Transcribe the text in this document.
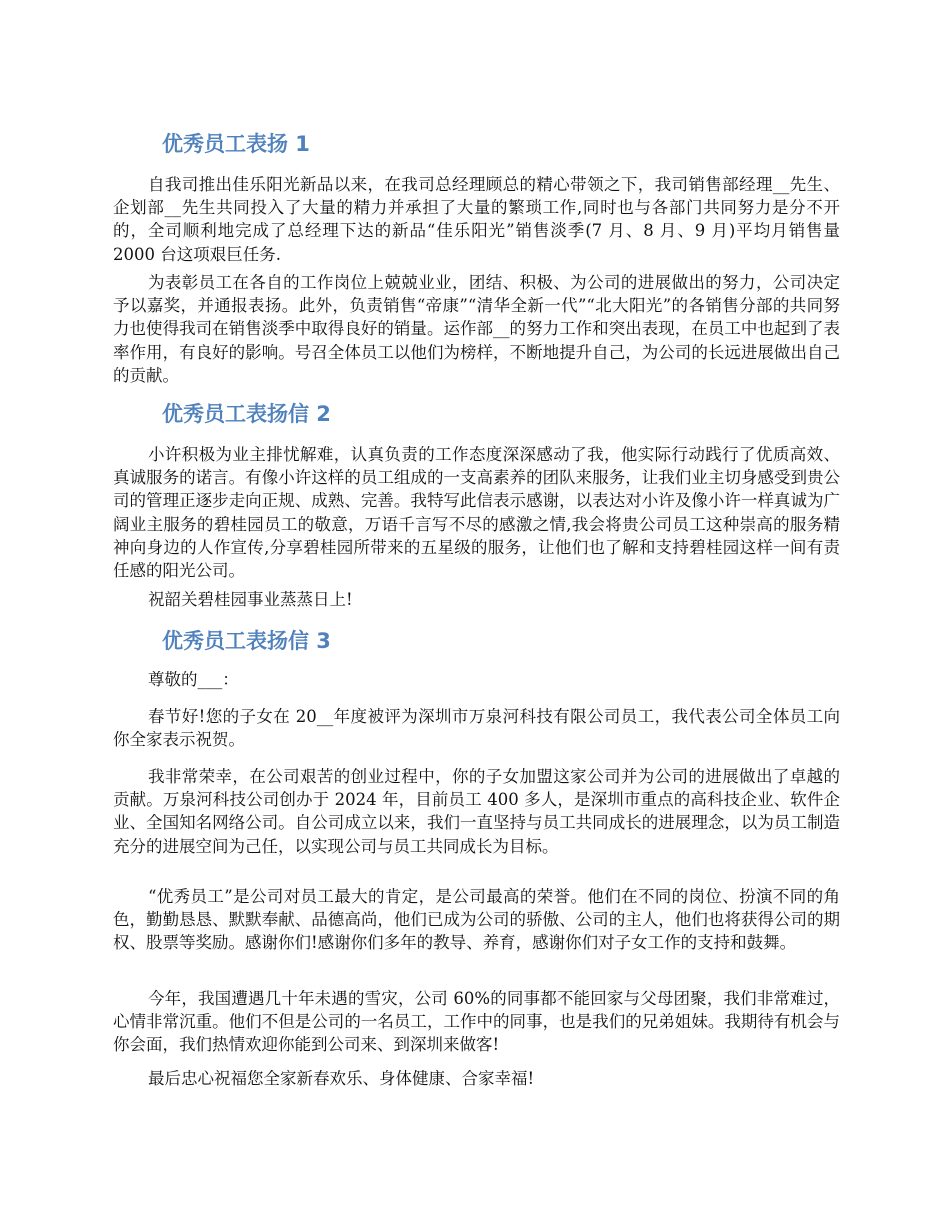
优秀员工表扬 1

自我司推出佳乐阳光新品以来，在我司总经理顾总的精心带领之下，我司销售部经理__先生、企划部__先生共同投入了大量的精力并承担了大量的繁琐工作,同时也与各部门共同努力是分不开的，全司顺利地完成了总经理下达的新品“佳乐阳光”销售淡季(7 月、8 月、9 月)平均月销售量 2000 台这项艰巨任务.

为表彰员工在各自的工作岗位上兢兢业业，团结、积极、为公司的进展做出的努力，公司决定予以嘉奖，并通报表扬。此外，负责销售“帝康”“清华全新一代”“北大阳光”的各销售分部的共同努力也使得我司在销售淡季中取得良好的销量。运作部__的努力工作和突出表现，在员工中也起到了表率作用，有良好的影响。号召全体员工以他们为榜样，不断地提升自己，为公司的长远进展做出自己的贡献。

优秀员工表扬信 2

小许积极为业主排忧解难，认真负责的工作态度深深感动了我，他实际行动践行了优质高效、真诚服务的诺言。有像小许这样的员工组成的一支高素养的团队来服务，让我们业主切身感受到贵公司的管理正逐步走向正规、成熟、完善。我特写此信表示感谢，以表达对小许及像小许一样真诚为广阔业主服务的碧桂园员工的敬意，万语千言写不尽的感激之情,我会将贵公司员工这种崇高的服务精神向身边的人作宣传,分享碧桂园所带来的五星级的服务，让他们也了解和支持碧桂园这样一间有责任感的阳光公司。

祝韶关碧桂园事业蒸蒸日上!

优秀员工表扬信 3

尊敬的___：

春节好!您的子女在 20__年度被评为深圳市万泉河科技有限公司员工，我代表公司全体员工向你全家表示祝贺。

我非常荣幸，在公司艰苦的创业过程中，你的子女加盟这家公司并为公司的进展做出了卓越的贡献。万泉河科技公司创办于 2024 年，目前员工 400 多人，是深圳市重点的高科技企业、软件企业、全国知名网络公司。自公司成立以来，我们一直坚持与员工共同成长的进展理念，以为员工制造充分的进展空间为己任，以实现公司与员工共同成长为目标。

“优秀员工”是公司对员工最大的肯定，是公司最高的荣誉。他们在不同的岗位、扮演不同的角色，勤勤恳恳、默默奉献、品德高尚，他们已成为公司的骄傲、公司的主人，他们也将获得公司的期权、股票等奖励。感谢你们!感谢你们多年的教导、养育，感谢你们对子女工作的支持和鼓舞。

今年，我国遭遇几十年未遇的雪灾，公司 60%的同事都不能回家与父母团聚，我们非常难过，心情非常沉重。他们不但是公司的一名员工，工作中的同事，也是我们的兄弟姐妹。我期待有机会与你会面，我们热情欢迎你能到公司来、到深圳来做客!

最后忠心祝福您全家新春欢乐、身体健康、合家幸福!
